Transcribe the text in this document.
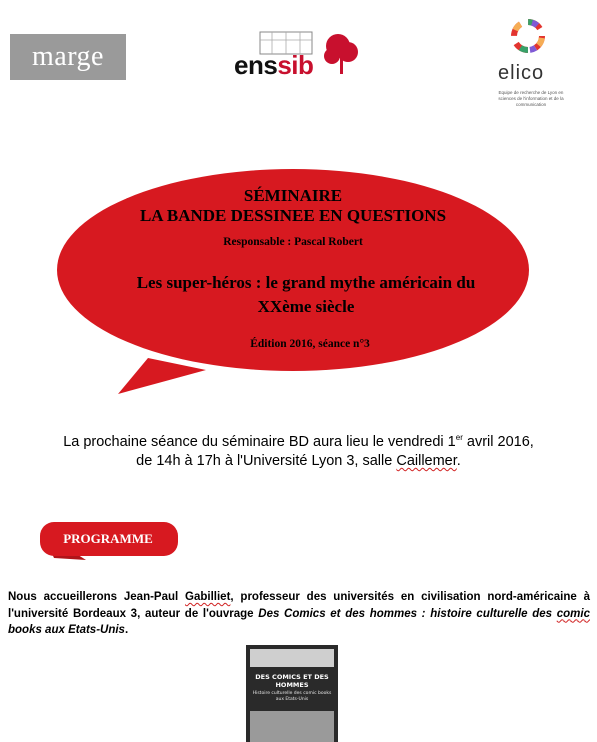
marge	enssib	elico
Equipe de recherche de Lyon en sciences de l'information et de la communication
SÉMINAIRE
LA BANDE DESSINEE EN QUESTIONS
Responsable : Pascal Robert
Les super-héros : le grand mythe américain du
XXème siècle
Édition 2016, séance n°3
La prochaine séance du séminaire BD aura lieu le vendredi 1er avril 2016,
de 14h à 17h à l'Université Lyon 3, salle Caillemer.
PROGRAMME
Nous accueillerons Jean-Paul Gabilliet, professeur des universités en civilisation nord-américaine à l'université Bordeaux 3, auteur de l'ouvrage Des Comics et des hommes : histoire culturelle des comic books aux Etats-Unis.
DES COMICS ET DES HOMMES
Histoire culturelle des comic books aux Etats-Unis
